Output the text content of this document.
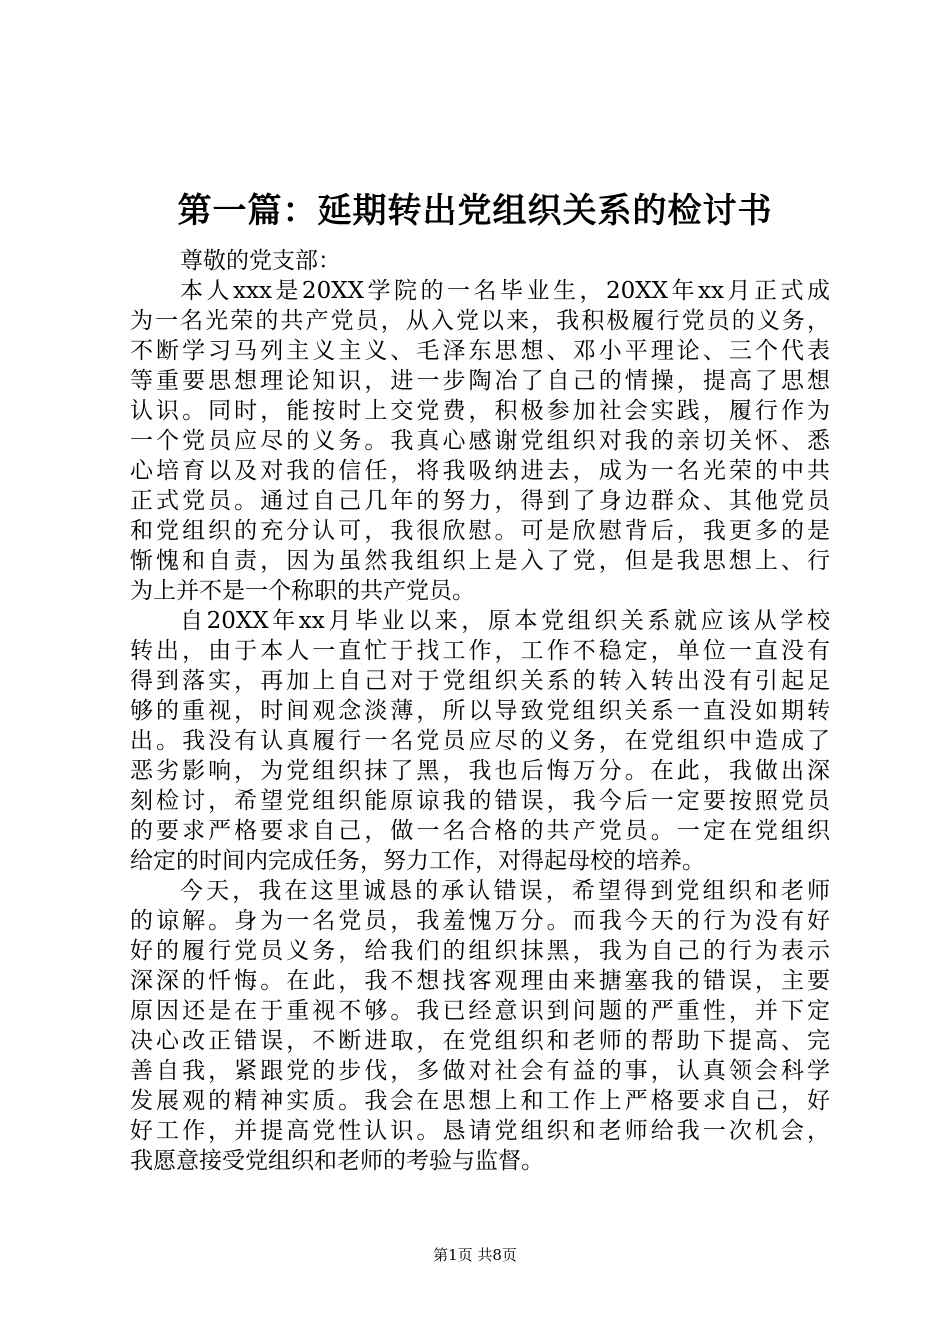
第一篇：延期转出党组织关系的检讨书
尊敬的党支部：
本人xxx是20XX学院的一名毕业生，20XX年xx月正式成
为一名光荣的共产党员，从入党以来，我积极履行党员的义务，
不断学习马列主义主义、毛泽东思想、邓小平理论、三个代表
等重要思想理论知识，进一步陶冶了自己的情操，提高了思想
认识。同时，能按时上交党费，积极参加社会实践，履行作为
一个党员应尽的义务。我真心感谢党组织对我的亲切关怀、悉
心培育以及对我的信任，将我吸纳进去，成为一名光荣的中共
正式党员。通过自己几年的努力，得到了身边群众、其他党员
和党组织的充分认可，我很欣慰。可是欣慰背后，我更多的是
惭愧和自责，因为虽然我组织上是入了党，但是我思想上、行
为上并不是一个称职的共产党员。
自20XX年xx月毕业以来，原本党组织关系就应该从学校
转出，由于本人一直忙于找工作，工作不稳定，单位一直没有
得到落实，再加上自己对于党组织关系的转入转出没有引起足
够的重视，时间观念淡薄，所以导致党组织关系一直没如期转
出。我没有认真履行一名党员应尽的义务，在党组织中造成了
恶劣影响，为党组织抹了黑，我也后悔万分。在此，我做出深
刻检讨，希望党组织能原谅我的错误，我今后一定要按照党员
的要求严格要求自己，做一名合格的共产党员。一定在党组织
给定的时间内完成任务，努力工作，对得起母校的培养。
今天，我在这里诚恳的承认错误，希望得到党组织和老师
的谅解。身为一名党员，我羞愧万分。而我今天的行为没有好
好的履行党员义务，给我们的组织抹黑，我为自己的行为表示
深深的忏悔。在此，我不想找客观理由来搪塞我的错误，主要
原因还是在于重视不够。我已经意识到问题的严重性，并下定
决心改正错误，不断进取，在党组织和老师的帮助下提高、完
善自我，紧跟党的步伐，多做对社会有益的事，认真领会科学
发展观的精神实质。我会在思想上和工作上严格要求自己，好
好工作，并提高党性认识。恳请党组织和老师给我一次机会，
我愿意接受党组织和老师的考验与监督。
第1页 共8页
